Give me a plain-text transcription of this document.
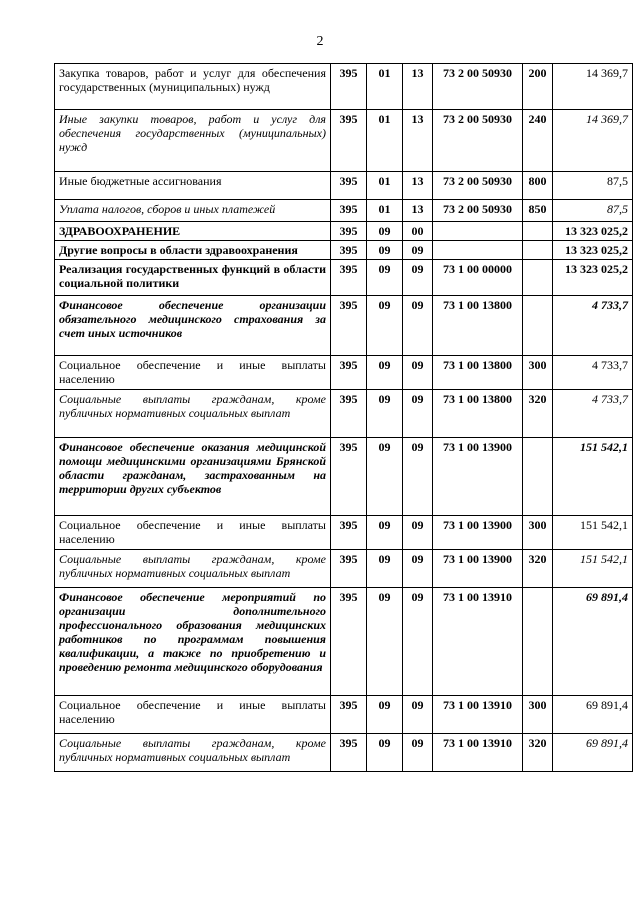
2
Закупка товаров, работ и услуг для обеспечения государственных (муниципальных) нужд	395	01	13	73 2 00 50930	200	14 369,7
Иные закупки товаров, работ и услуг для обеспечения государственных (муниципальных) нужд	395	01	13	73 2 00 50930	240	14 369,7
Иные бюджетные ассигнования	395	01	13	73 2 00 50930	800	87,5
Уплата налогов, сборов и иных платежей	395	01	13	73 2 00 50930	850	87,5
ЗДРАВООХРАНЕНИЕ	395	09	00			13 323 025,2
Другие вопросы в области здравоохранения	395	09	09			13 323 025,2
Реализация государственных функций в области социальной политики	395	09	09	73 1 00 00000		13 323 025,2
Финансовое обеспечение организации обязательного медицинского страхования за счет иных источников	395	09	09	73 1 00 13800		4 733,7
Социальное обеспечение и иные выплаты населению	395	09	09	73 1 00 13800	300	4 733,7
Социальные выплаты гражданам, кроме публичных нормативных социальных выплат	395	09	09	73 1 00 13800	320	4 733,7
Финансовое обеспечение оказания медицинской помощи медицинскими организациями Брянской области гражданам, застрахованным на территории других субъектов	395	09	09	73 1 00 13900		151 542,1
Социальное обеспечение и иные выплаты населению	395	09	09	73 1 00 13900	300	151 542,1
Социальные выплаты гражданам, кроме публичных нормативных социальных выплат	395	09	09	73 1 00 13900	320	151 542,1
Финансовое обеспечение мероприятий по организации дополнительного профессионального образования медицинских работников по программам повышения квалификации, а также по приобретению и проведению ремонта медицинского оборудования	395	09	09	73 1 00 13910		69 891,4
Социальное обеспечение и иные выплаты населению	395	09	09	73 1 00 13910	300	69 891,4
Социальные выплаты гражданам, кроме публичных нормативных социальных выплат	395	09	09	73 1 00 13910	320	69 891,4
